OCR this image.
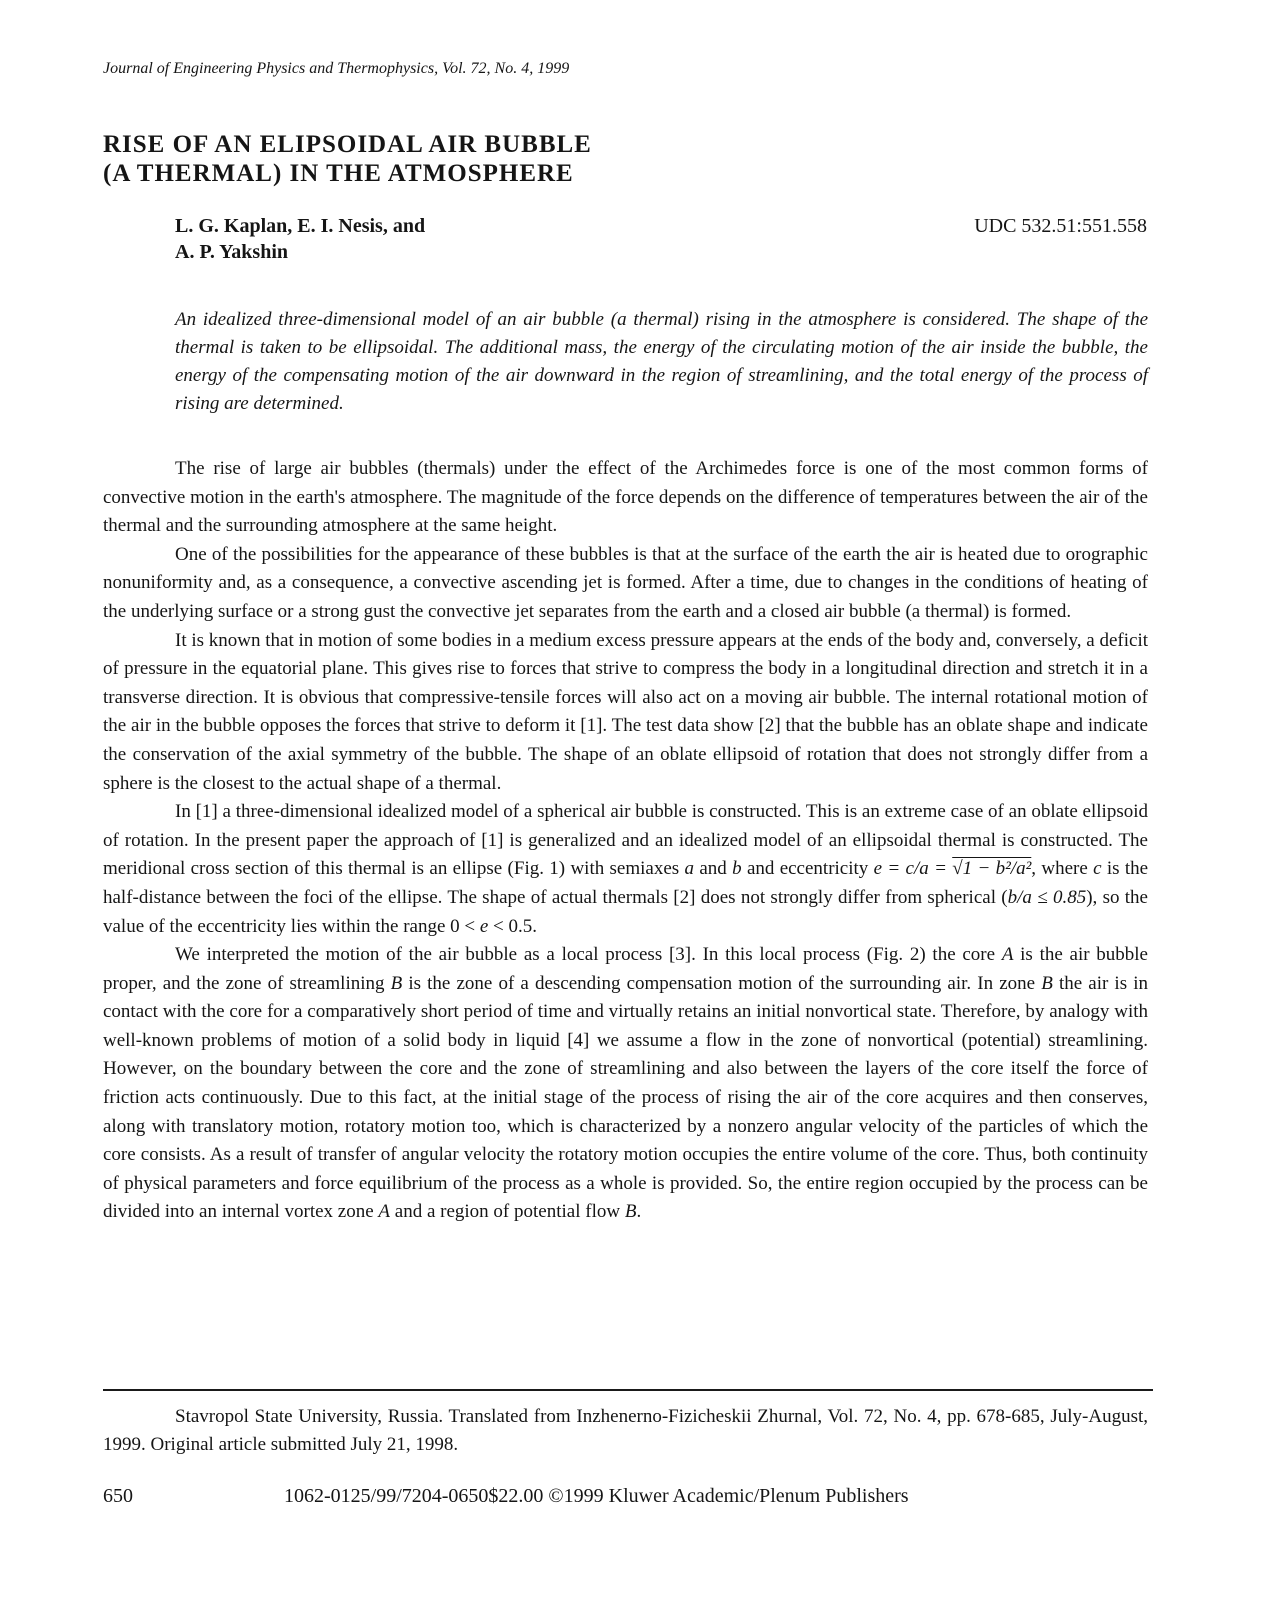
Journal of Engineering Physics and Thermophysics, Vol. 72, No. 4, 1999
RISE OF AN ELIPSOIDAL AIR BUBBLE
(A THERMAL) IN THE ATMOSPHERE
L. G. Kaplan, E. I. Nesis, and
A. P. Yakshin
UDC 532.51:551.558
An idealized three-dimensional model of an air bubble (a thermal) rising in the atmosphere is considered. The shape of the thermal is taken to be ellipsoidal. The additional mass, the energy of the circulating motion of the air inside the bubble, the energy of the compensating motion of the air downward in the region of streamlining, and the total energy of the process of rising are determined.

The rise of large air bubbles (thermals) under the effect of the Archimedes force is one of the most common forms of convective motion in the earth's atmosphere. The magnitude of the force depends on the difference of temperatures between the air of the thermal and the surrounding atmosphere at the same height.

One of the possibilities for the appearance of these bubbles is that at the surface of the earth the air is heated due to orographic nonuniformity and, as a consequence, a convective ascending jet is formed. After a time, due to changes in the conditions of heating of the underlying surface or a strong gust the convective jet separates from the earth and a closed air bubble (a thermal) is formed.

It is known that in motion of some bodies in a medium excess pressure appears at the ends of the body and, conversely, a deficit of pressure in the equatorial plane. This gives rise to forces that strive to compress the body in a longitudinal direction and stretch it in a transverse direction. It is obvious that compressive-tensile forces will also act on a moving air bubble. The internal rotational motion of the air in the bubble opposes the forces that strive to deform it [1]. The test data show [2] that the bubble has an oblate shape and indicate the conservation of the axial symmetry of the bubble. The shape of an oblate ellipsoid of rotation that does not strongly differ from a sphere is the closest to the actual shape of a thermal.

In [1] a three-dimensional idealized model of a spherical air bubble is constructed. This is an extreme case of an oblate ellipsoid of rotation. In the present paper the approach of [1] is generalized and an idealized model of an ellipsoidal thermal is constructed. The meridional cross section of this thermal is an ellipse (Fig. 1) with semiaxes a and b and eccentricity e = c/a = √1 − b²/a², where c is the half-distance between the foci of the ellipse. The shape of actual thermals [2] does not strongly differ from spherical (b/a ≤ 0.85), so the value of the eccentricity lies within the range 0 < e < 0.5.

We interpreted the motion of the air bubble as a local process [3]. In this local process (Fig. 2) the core A is the air bubble proper, and the zone of streamlining B is the zone of a descending compensation motion of the surrounding air. In zone B the air is in contact with the core for a comparatively short period of time and virtually retains an initial nonvortical state. Therefore, by analogy with well-known problems of motion of a solid body in liquid [4] we assume a flow in the zone of nonvortical (potential) streamlining. However, on the boundary between the core and the zone of streamlining and also between the layers of the core itself the force of friction acts continuously. Due to this fact, at the initial stage of the process of rising the air of the core acquires and then conserves, along with translatory motion, rotatory motion too, which is characterized by a nonzero angular velocity of the particles of which the core consists. As a result of transfer of angular velocity the rotatory motion occupies the entire volume of the core. Thus, both continuity of physical parameters and force equilibrium of the process as a whole is provided. So, the entire region occupied by the process can be divided into an internal vortex zone A and a region of potential flow B.

Stavropol State University, Russia. Translated from Inzhenerno-Fizicheskii Zhurnal, Vol. 72, No. 4, pp. 678-685, July-August, 1999. Original article submitted July 21, 1998.
650	1062-0125/99/7204-0650$22.00 ©1999 Kluwer Academic/Plenum Publishers
